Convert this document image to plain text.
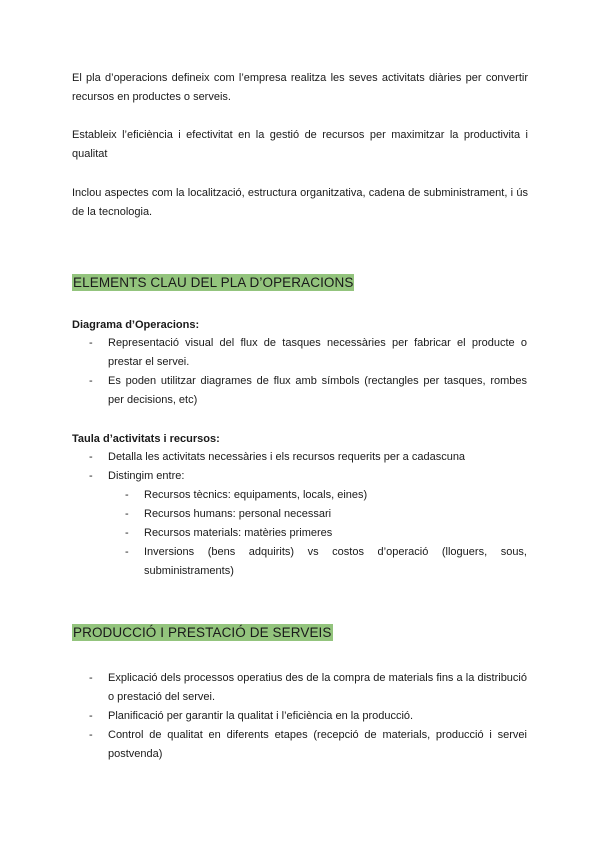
El pla d’operacions defineix com l’empresa realitza les seves activitats diàries per convertir recursos en productes o serveis.

Estableix l’eficiència i efectivitat en la gestió de recursos per maximitzar la productivita i qualitat

Inclou aspectes com la localització, estructura organitzativa, cadena de subministrament, i ús de la tecnologia.

ELEMENTS CLAU DEL PLA D’OPERACIONS

Diagrama d’Operacions:

- Representació visual del flux de tasques necessàries per fabricar el producte o prestar el servei.
- Es poden utilitzar diagrames de flux amb símbols (rectangles per tasques, rombes per decisions, etc)

Taula d’activitats i recursos:

- Detalla les activitats necessàries i els recursos requerits per a cadascuna
- Distingim entre:
- Recursos tècnics: equipaments, locals, eines)
- Recursos humans: personal necessari
- Recursos materials: matèries primeres
- Inversions (bens adquirits) vs costos d’operació (lloguers, sous, subministraments)
PRODUCCIÓ I PRESTACIÓ DE SERVEIS
- Explicació dels processos operatius des de la compra de materials fins a la distribució o prestació del servei.
- Planificació per garantir la qualitat i l’eficiència en la producció.
- Control de qualitat en diferents etapes (recepció de materials, producció i servei postvenda)
